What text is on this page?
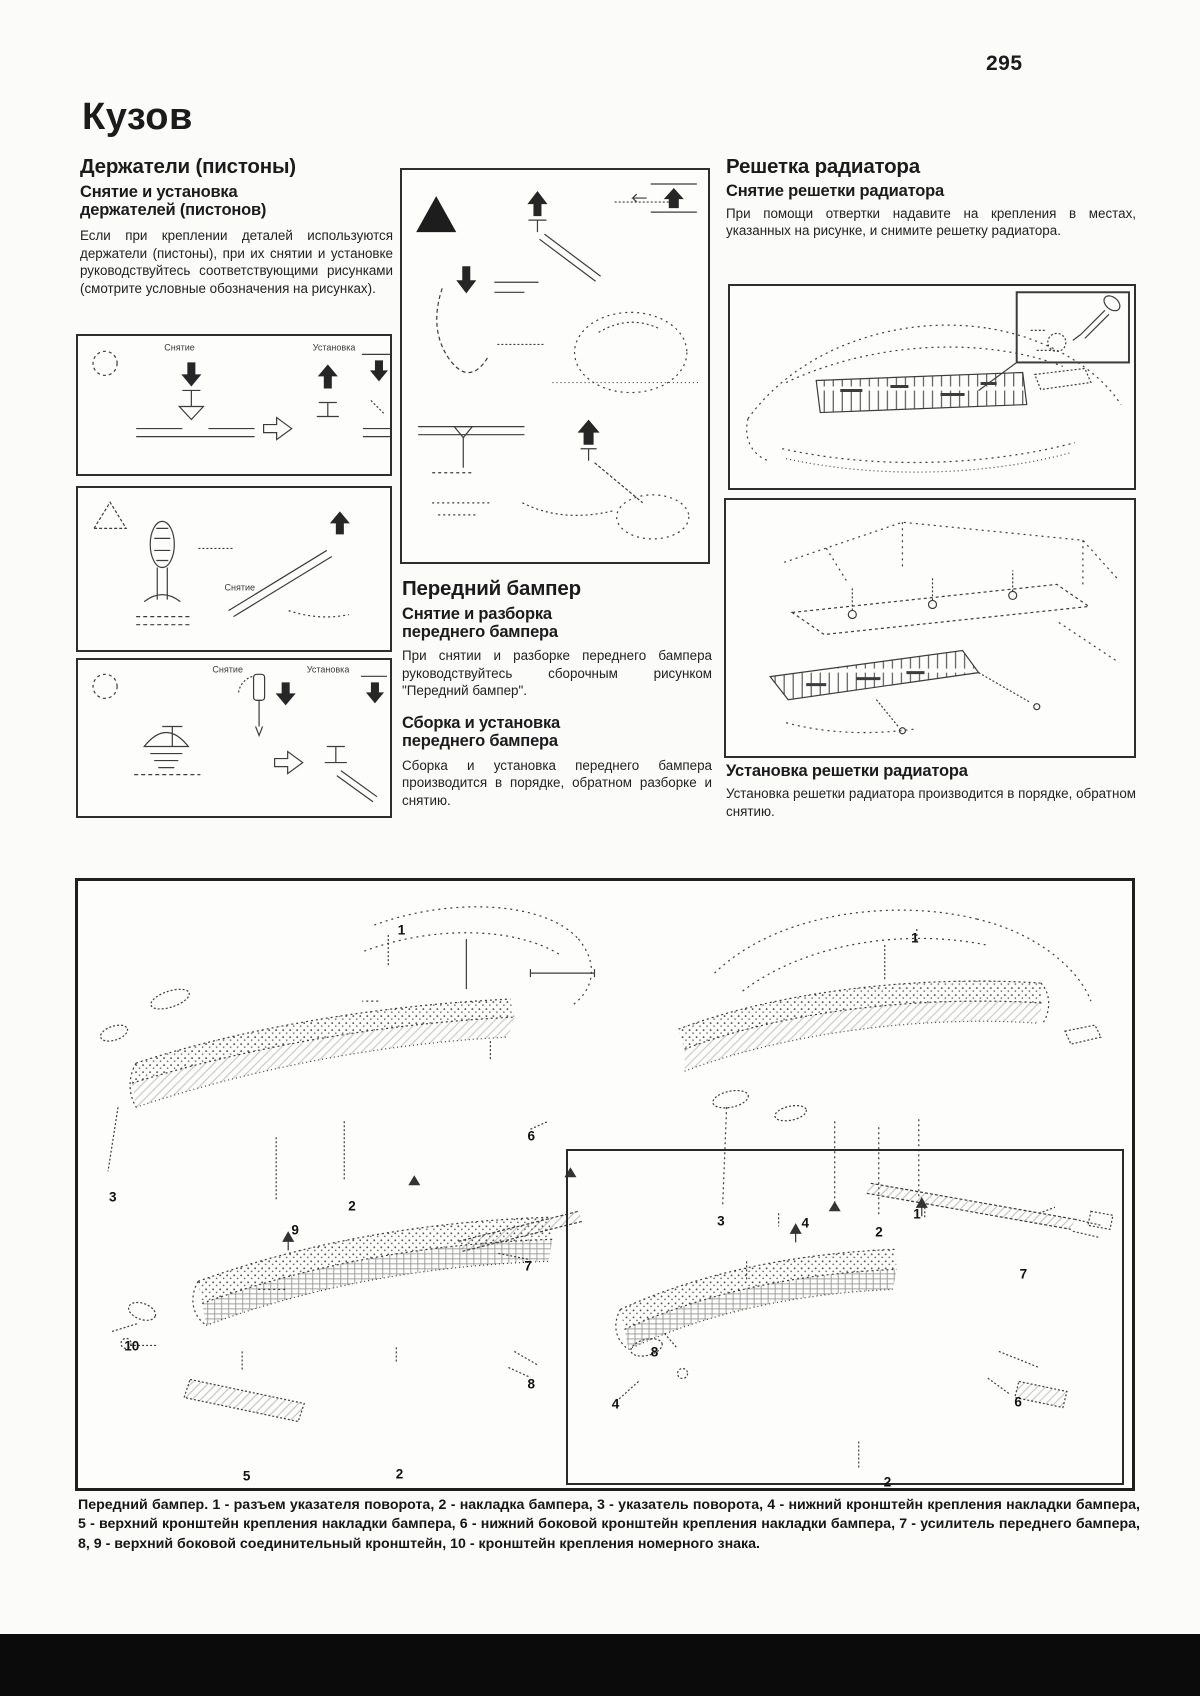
295
Кузов
Держатели (пистоны)
Снятие и установка держателей (пистонов)

Если при креплении деталей используются держатели (пистоны), при их снятии и установке руководствуйтесь соответствующими рисунками (смотрите условные обозначения на рисунках).

Снятие	Установка
Снятие
Снятие	Установка
Передний бампер
Снятие и разборка переднего бампера

При снятии и разборке переднего бампера руководствуйтесь сборочным рисунком "Передний бампер".

Сборка и установка переднего бампера

Сборка и установка переднего бампера производится в порядке, обратном разборке и снятию.

Решетка радиатора
Снятие решетки радиатора

При помощи отвертки надавите на крепления в местах, указанных на рисунке, и снимите решетку радиатора.

Установка решетки радиатора

Установка решетки радиатора производится в порядке, обратном снятию.

1
6
3
9
2
1
3	4
2
1
7
10
8
5	2
7
8
4	6
2

Передний бампер. 1 - разъем указателя поворота, 2 - накладка бампера, 3 - указатель поворота, 4 - нижний кронштейн крепления накладки бампера, 5 - верхний кронштейн крепления накладки бампера, 6 - нижний боковой кронштейн крепления накладки бампера, 7 - усилитель переднего бампера, 8, 9 - верхний боковой соединительный кронштейн, 10 - кронштейн крепления номерного знака.
